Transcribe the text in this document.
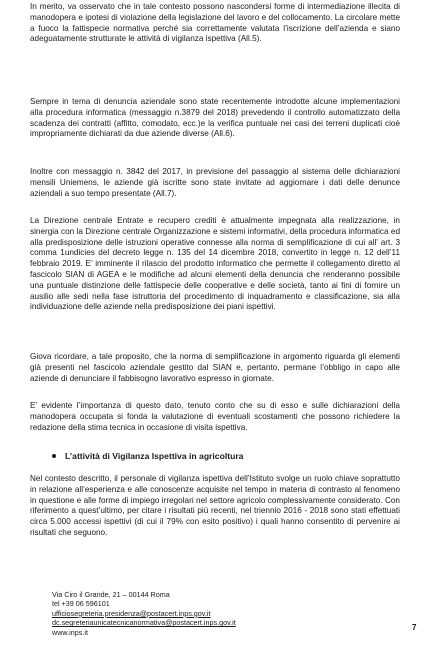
In merito, va osservato che in tale contesto possono nascondersi forme di intermediazione illecita di manodopera e ipotesi di violazione della legislazione del lavoro e del collocamento. La circolare mette a fuoco la fattispecie normativa perché sia correttamente valutata l’iscrizione dell’azienda e siano adeguatamente strutturate le attività di vigilanza ispettiva (All.5).

Sempre in tema di denuncia aziendale sono state recentemente introdotte alcune implementazioni alla procedura informatica (messaggio n.3879 del 2018) prevedendo il controllo automatizzato della scadenza dei contratti (affitto, comodato, ecc.)e la verifica puntuale nei casi dei terreni duplicati cioè impropriamente dichiarati da due aziende diverse (All.6).

Inoltre con messaggio n. 3842 del 2017, in previsione del passaggio al sistema delle dichiarazioni mensili Uniemens, le aziende già iscritte sono state invitate ad aggiornare i dati delle denunce aziendali a suo tempo presentate (All.7).

La Direzione centrale Entrate e recupero crediti è attualmente impegnata alla realizzazione, in sinergia con la Direzione centrale Organizzazione e sistemi informativi, della procedura informatica ed alla predisposizione delle istruzioni operative connesse alla norma di semplificazione di cui all’ art. 3 comma 1undicies del decreto legge n. 135 del 14 dicembre 2018, convertito in legge n. 12 dell’11 febbraio 2019. E’ imminente il rilascio del prodotto informatico che permette il collegamento diretto al fascicolo SIAN di AGEA e le modifiche ad alcuni elementi della denuncia che renderanno possibile una puntuale distinzione delle fattispecie delle cooperative e delle società, tanto ai fini di fornire un ausilio alle sedi nella fase istruttoria del procedimento di inquadramento e classificazione, sia alla individuazione delle aziende nella predisposizione dei piani ispettivi.

Giova ricordare, a tale proposito, che la norma di semplificazione in argomento riguarda gli elementi già presenti nel fascicolo aziendale gestito dal SIAN e, pertanto, permane l’obbligo in capo alle aziende di denunciare il fabbisogno lavorativo espresso in giornate.

E’ evidente l’importanza di questo dato, tenuto conto che su di esso e sulle dichiarazioni della manodopera occupata si fonda la valutazione di eventuali scostamenti che possono richiedere la redazione della stima tecnica in occasione di visita ispettiva.

L’attività di Vigilanza Ispettiva in agricoltura

Nel contesto descritto, il personale di vigilanza ispettiva dell’Istituto svolge un ruolo chiave soprattutto in relazione all’esperienza e alle conoscenze acquisite nel tempo in materia di contrasto al fenomeno in questione e alle forme di impiego irregolari nel settore agricolo complessivamente considerato. Con riferimento a quest’ultimo, per citare i risultati più recenti, nel triennio 2016 - 2018 sono stati effettuati circa 5.000 accessi ispettivi (di cui il 79% con esito positivo) i quali hanno consentito di pervenire ai risultati che seguono.

Via Ciro il Grande, 21 – 00144 Roma
tel +39 06 596101
ufficiosegreteria.presidenza@postacert.inps.gov.it
dc.segreteriaunicatecnicanormativa@postacert.inps.gov.it
www.inps.it
7
